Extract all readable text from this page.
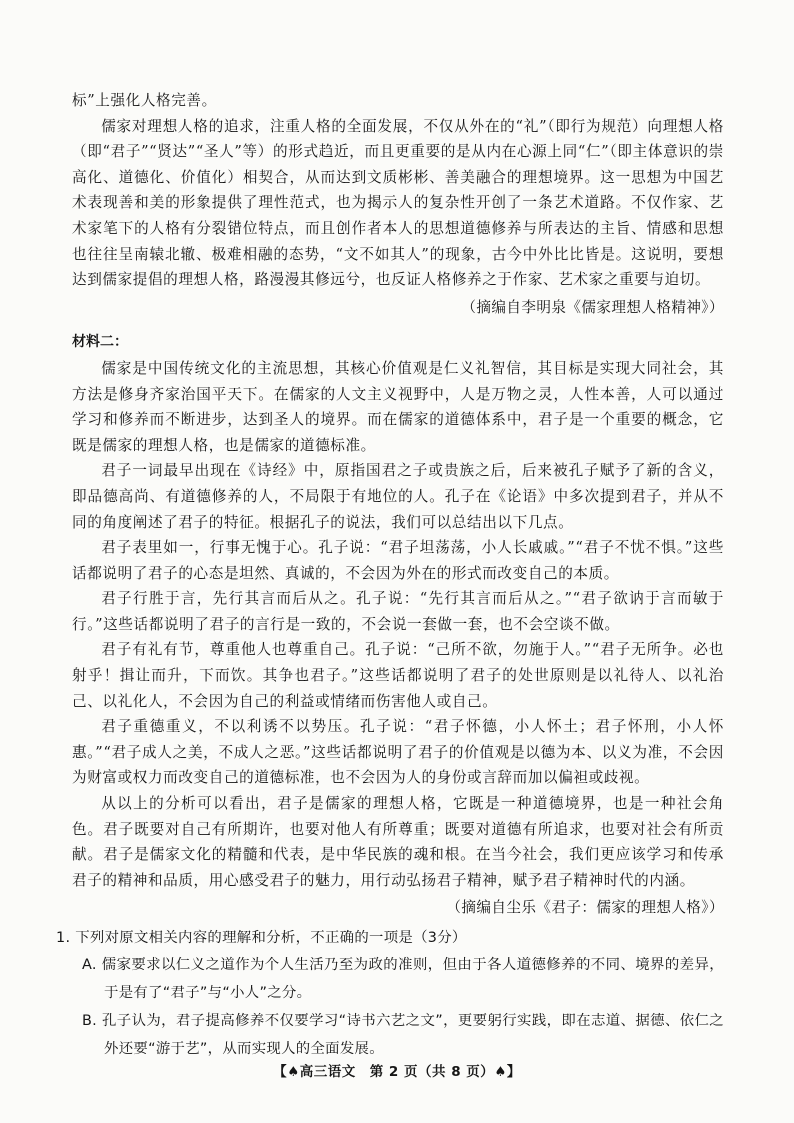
标”上强化人格完善。

儒家对理想人格的追求，注重人格的全面发展，不仅从外在的“礼”（即行为规范）向理想人格（即“君子”“贤达”“圣人”等）的形式趋近，而且更重要的是从内在心源上同“仁”（即主体意识的崇高化、道德化、价值化）相契合，从而达到文质彬彬、善美融合的理想境界。这一思想为中国艺术表现善和美的形象提供了理性范式，也为揭示人的复杂性开创了一条艺术道路。不仅作家、艺术家笔下的人格有分裂错位特点，而且创作者本人的思想道德修养与所表达的主旨、情感和思想也往往呈南辕北辙、极难相融的态势，“文不如其人”的现象，古今中外比比皆是。这说明，要想达到儒家提倡的理想人格，路漫漫其修远兮，也反证人格修养之于作家、艺术家之重要与迫切。

（摘编自李明泉《儒家理想人格精神》）

材料二：

儒家是中国传统文化的主流思想，其核心价值观是仁义礼智信，其目标是实现大同社会，其方法是修身齐家治国平天下。在儒家的人文主义视野中，人是万物之灵，人性本善，人可以通过学习和修养而不断进步，达到圣人的境界。而在儒家的道德体系中，君子是一个重要的概念，它既是儒家的理想人格，也是儒家的道德标准。

君子一词最早出现在《诗经》中，原指国君之子或贵族之后，后来被孔子赋予了新的含义，即品德高尚、有道德修养的人，不局限于有地位的人。孔子在《论语》中多次提到君子，并从不同的角度阐述了君子的特征。根据孔子的说法，我们可以总结出以下几点。

君子表里如一，行事无愧于心。孔子说：“君子坦荡荡，小人长戚戚。”“君子不忧不惧。”这些话都说明了君子的心态是坦然、真诚的，不会因为外在的形式而改变自己的本质。

君子行胜于言，先行其言而后从之。孔子说：“先行其言而后从之。”“君子欲讷于言而敏于行。”这些话都说明了君子的言行是一致的，不会说一套做一套，也不会空谈不做。

君子有礼有节，尊重他人也尊重自己。孔子说：“己所不欲，勿施于人。”“君子无所争。必也射乎！揖让而升，下而饮。其争也君子。”这些话都说明了君子的处世原则是以礼待人、以礼治己、以礼化人，不会因为自己的利益或情绪而伤害他人或自己。

君子重德重义，不以利诱不以势压。孔子说：“君子怀德，小人怀土；君子怀刑，小人怀惠。”“君子成人之美，不成人之恶。”这些话都说明了君子的价值观是以德为本、以义为准，不会因为财富或权力而改变自己的道德标准，也不会因为人的身份或言辞而加以偏袒或歧视。

从以上的分析可以看出，君子是儒家的理想人格，它既是一种道德境界，也是一种社会角色。君子既要对自己有所期许，也要对他人有所尊重；既要对道德有所追求，也要对社会有所贡献。君子是儒家文化的精髓和代表，是中华民族的魂和根。在当今社会，我们更应该学习和传承君子的精神和品质，用心感受君子的魅力，用行动弘扬君子精神，赋予君子精神时代的内涵。

（摘编自尘乐《君子：儒家的理想人格》）

1. 下列对原文相关内容的理解和分析，不正确的一项是（3分）

A. 儒家要求以仁义之道作为个人生活乃至为政的准则，但由于各人道德修养的不同、境界的差异，于是有了“君子”与“小人”之分。

B. 孔子认为，君子提高修养不仅要学习“诗书六艺之文”，更要躬行实践，即在志道、据德、依仁之外还要“游于艺”，从而实现人的全面发展。

【♠高三语文　第 2 页（共 8 页）♠】
